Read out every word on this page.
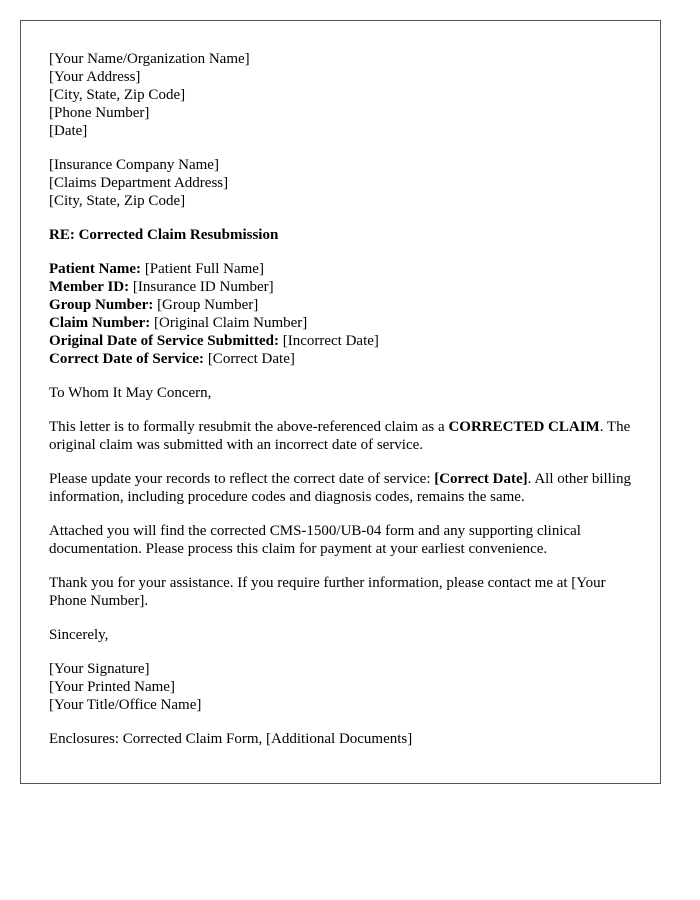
[Your Name/Organization Name]
[Your Address]
[City, State, Zip Code]
[Phone Number]
[Date]
[Insurance Company Name]
[Claims Department Address]
[City, State, Zip Code]
RE: Corrected Claim Resubmission
Patient Name: [Patient Full Name]
Member ID: [Insurance ID Number]
Group Number: [Group Number]
Claim Number: [Original Claim Number]
Original Date of Service Submitted: [Incorrect Date]
Correct Date of Service: [Correct Date]

To Whom It May Concern,

This letter is to formally resubmit the above-referenced claim as a CORRECTED CLAIM. The original claim was submitted with an incorrect date of service.

Please update your records to reflect the correct date of service: [Correct Date]. All other billing information, including procedure codes and diagnosis codes, remains the same.

Attached you will find the corrected CMS-1500/UB-04 form and any supporting clinical documentation. Please process this claim for payment at your earliest convenience.

Thank you for your assistance. If you require further information, please contact me at [Your Phone Number].

Sincerely,

[Your Signature]
[Your Printed Name]
[Your Title/Office Name]

Enclosures: Corrected Claim Form, [Additional Documents]
